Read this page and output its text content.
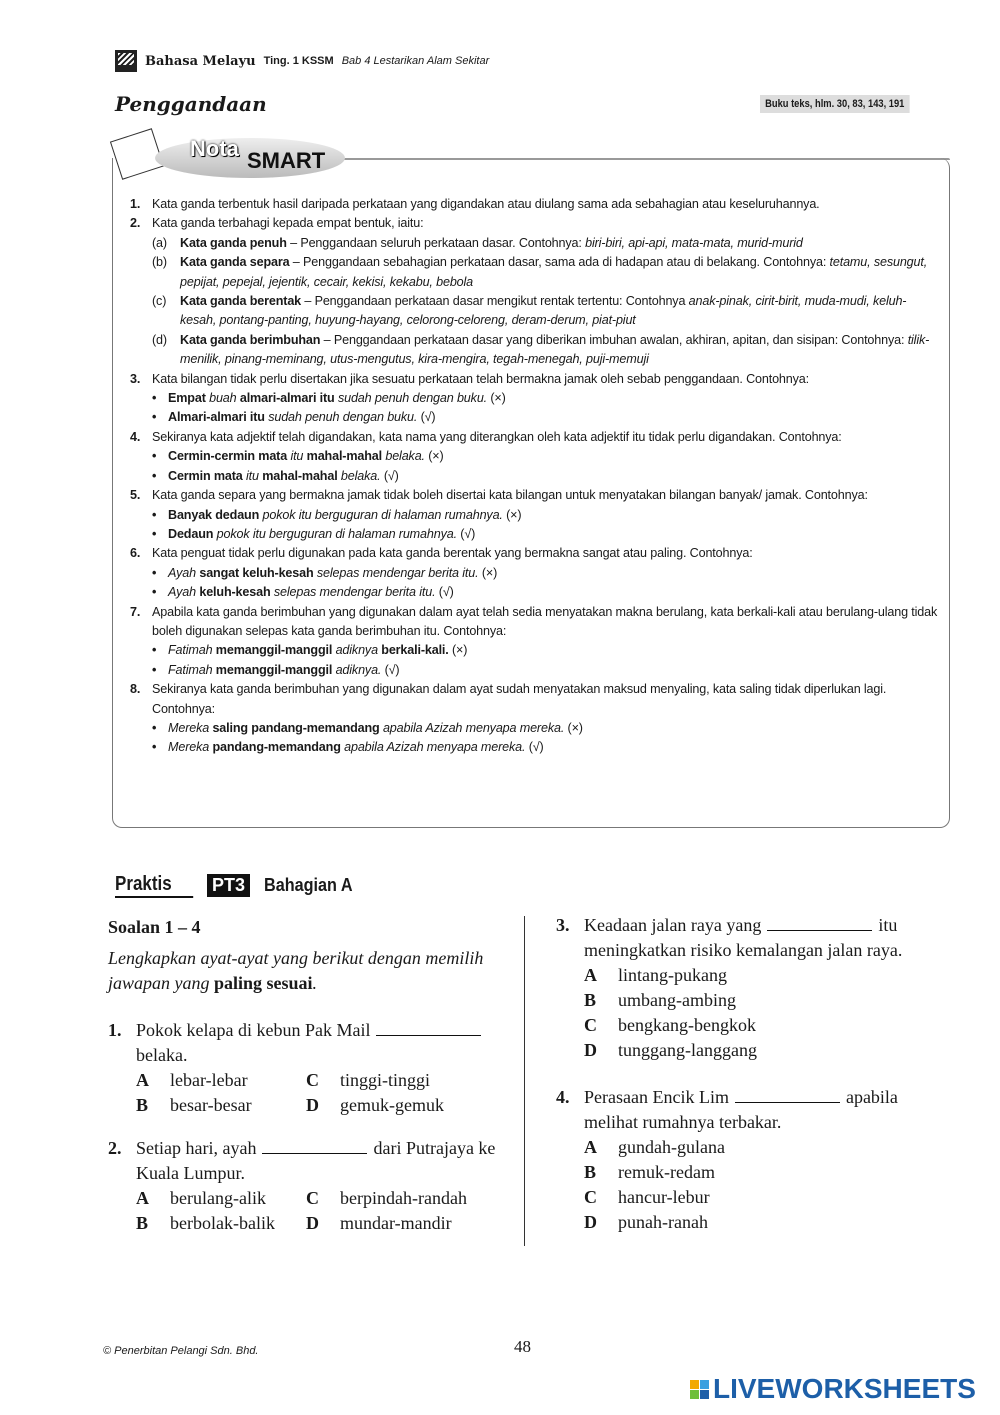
Bahasa Melayu Ting. 1 KSSM Bab 4 Lestarikan Alam Sekitar
Penggandaan	Buku teks, hlm. 30, 83, 143, 191
Nota SMART
1. Kata ganda terbentuk hasil daripada perkataan yang digandakan atau diulang sama ada sebahagian atau keseluruhannya.
2. Kata ganda terbahagi kepada empat bentuk, iaitu:
(a)	Kata ganda penuh – Penggandaan seluruh perkataan dasar. Contohnya: biri-biri, api-api, mata-mata, murid-murid
(b)	Kata ganda separa – Penggandaan sebahagian perkataan dasar, sama ada di hadapan atau di belakang. Contohnya: tetamu, sesungut, pepijat, pepejal, jejentik, cecair, kekisi, kekabu, bebola
(c)	Kata ganda berentak – Penggandaan perkataan dasar mengikut rentak tertentu: Contohnya anak-pinak, cirit-birit, muda-mudi, keluh-kesah, pontang-panting, huyung-hayang, celorong-celoreng, deram-derum, piat-piut
(d)	Kata ganda berimbuhan – Penggandaan perkataan dasar yang diberikan imbuhan awalan, akhiran, apitan, dan sisipan: Contohnya: tilik-menilik, pinang-meminang, utus-mengutus, kira-mengira, tegah-menegah, puji-memuji
3. Kata bilangan tidak perlu disertakan jika sesuatu perkataan telah bermakna jamak oleh sebab penggandaan. Contohnya:
• Empat buah almari-almari itu sudah penuh dengan buku. (×)
• Almari-almari itu sudah penuh dengan buku. (√)
4. Sekiranya kata adjektif telah digandakan, kata nama yang diterangkan oleh kata adjektif itu tidak perlu digandakan. Contohnya:
• Cermin-cermin mata itu mahal-mahal belaka. (×)
• Cermin mata itu mahal-mahal belaka. (√)
5. Kata ganda separa yang bermakna jamak tidak boleh disertai kata bilangan untuk menyatakan bilangan banyak/ jamak. Contohnya:
• Banyak dedaun pokok itu berguguran di halaman rumahnya. (×)
• Dedaun pokok itu berguguran di halaman rumahnya. (√)
6. Kata penguat tidak perlu digunakan pada kata ganda berentak yang bermakna sangat atau paling. Contohnya:
• Ayah sangat keluh-kesah selepas mendengar berita itu. (×)
• Ayah keluh-kesah selepas mendengar berita itu. (√)
7. Apabila kata ganda berimbuhan yang digunakan dalam ayat telah sedia menyatakan makna berulang, kata berkali-kali atau berulang-ulang tidak boleh digunakan selepas kata ganda berimbuhan itu. Contohnya:
• Fatimah memanggil-manggil adiknya berkali-kali. (×)
• Fatimah memanggil-manggil adiknya. (√)
8. Sekiranya kata ganda berimbuhan yang digunakan dalam ayat sudah menyatakan maksud menyaling, kata saling tidak diperlukan lagi. Contohnya:
• Mereka saling pandang-memandang apabila Azizah menyapa mereka. (×)
• Mereka pandang-memandang apabila Azizah menyapa mereka. (√)
Praktis	PT3 Bahagian A
Soalan 1 – 4
Lengkapkan ayat-ayat yang berikut dengan memilih jawapan yang paling sesuai.
1. Pokok kelapa di kebun Pak Mailbelaka.
A	lebar-lebar	C	tinggi-tinggi
B	besar-besar	D	gemuk-gemuk
2. Setiap hari, ayah	dari Putrajaya ke Kuala Lumpur.
A	berulang-alik C	berpindah-randah
B	berbolak-balik D	mundar-mandir
3. Keadaan jalan raya yang	itu meningkatkan risiko kemalangan jalan raya.
A	lintang-pukang
B	umbang-ambing
C	bengkang-bengkok
D	tunggang-langgang
4. Perasaan Encik Lim	apabila melihat rumahnya terbakar.
A	gundah-gulana
B	remuk-redam
C	hancur-lebur
D	punah-ranah
© Penerbitan Pelangi Sdn. Bhd.	48
LIVEWORKSHEETS
